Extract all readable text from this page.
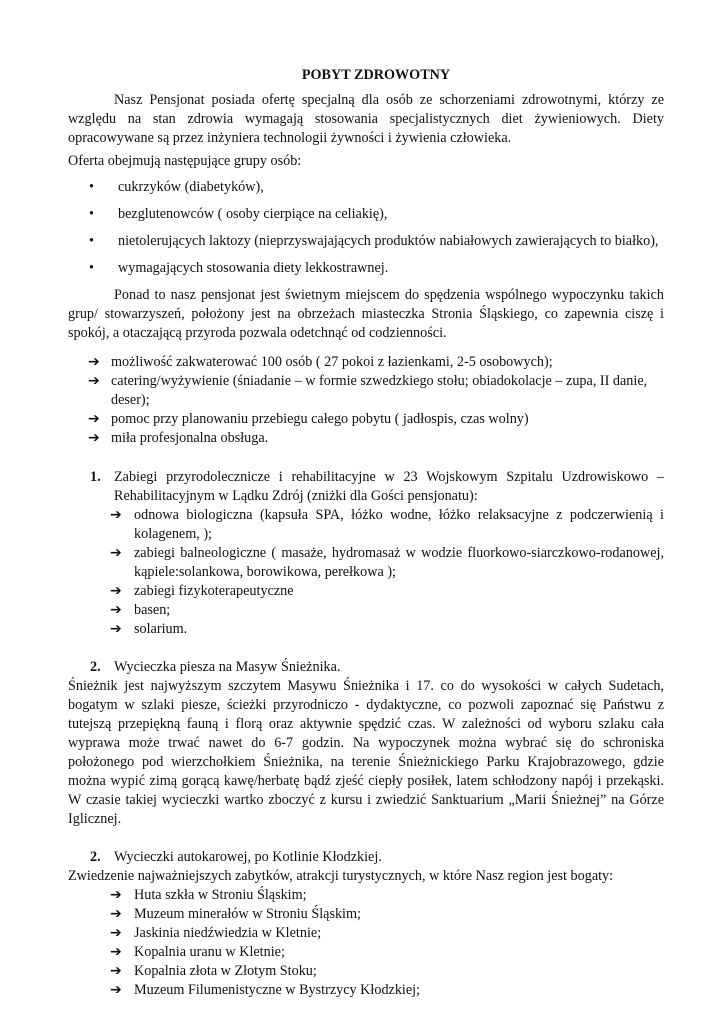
POBYT ZDROWOTNY

Nasz Pensjonat posiada ofertę specjalną dla osób ze schorzeniami zdrowotnymi, którzy ze względu na stan zdrowia wymagają stosowania specjalistycznych diet żywieniowych. Diety opracowywane są przez inżyniera technologii żywności i żywienia człowieka.

Oferta obejmują następujące grupy osób:

• cukrzyków (diabetyków),
• bezglutenowców ( osoby cierpiące na celiakię),
• nietolerujących laktozy (nieprzyswajających produktów nabiałowych zawierających to białko),
• wymagających stosowania diety lekkostrawnej.

Ponad to nasz pensjonat jest świetnym miejscem do spędzenia wspólnego wypoczynku takich grup/ stowarzyszeń, położony jest na obrzeżach miasteczka Stronia Śląskiego, co zapewnia ciszę i spokój, a otaczającą przyroda pozwala odetchnąć od codzienności.

➔ możliwość zakwaterować 100 osób ( 27 pokoi z łazienkami, 2-5 osobowych);
➔ catering/wyżywienie (śniadanie – w formie szwedzkiego stołu; obiadokolacje – zupa, II danie, deser);
➔ pomoc przy planowaniu przebiegu całego pobytu ( jadłospis, czas wolny)
➔ miła profesjonalna obsługa.
1. Zabiegi przyrodolecznicze i rehabilitacyjne w 23 Wojskowym Szpitalu Uzdrowiskowo – Rehabilitacyjnym w Lądku Zdrój (zniżki dla Gości pensjonatu):
➔ odnowa biologiczna (kapsuła SPA, łóżko wodne, łóżko relaksacyjne z podczerwienią i kolagenem, );
➔ zabiegi balneologiczne ( masaże, hydromasaż w wodzie fluorkowo-siarczkowo-rodanowej, kąpiele:solankowa, borowikowa, perełkowa );
➔ zabiegi fizykoterapeutyczne
➔ basen;
➔ solarium.
2. Wycieczka piesza na Masyw Śnieżnika.

Śnieżnik jest najwyższym szczytem Masywu Śnieżnika i 17. co do wysokości w całych Sudetach, bogatym w szlaki piesze, ścieżki przyrodniczo - dydaktyczne, co pozwoli zapoznać się Państwu z tutejszą przepiękną fauną i florą oraz aktywnie spędzić czas. W zależności od wyboru szlaku cała wyprawa może trwać nawet do 6-7 godzin. Na wypoczynek można wybrać się do schroniska położonego pod wierzchołkiem Śnieżnika, na terenie Śnieżnickiego Parku Krajobrazowego, gdzie można wypić zimą gorącą kawę/herbatę bądź zjeść ciepły posiłek, latem schłodzony napój i przekąski. W czasie takiej wycieczki wartko zboczyć z kursu i zwiedzić Sanktuarium „Marii Śnieżnej” na Górze Iglicznej.

2. Wycieczki autokarowej, po Kotlinie Kłodzkiej.

Zwiedzenie najważniejszych zabytków, atrakcji turystycznych, w które Nasz region jest bogaty:

➔ Huta szkła w Stroniu Śląskim;
➔ Muzeum minerałów w Stroniu Śląskim;
➔ Jaskinia niedźwiedzia w Kletnie;
➔ Kopalnia uranu w Kletnie;
➔ Kopalnia złota w Złotym Stoku;
➔ Muzeum Filumenistyczne w Bystrzycy Kłodzkiej;
